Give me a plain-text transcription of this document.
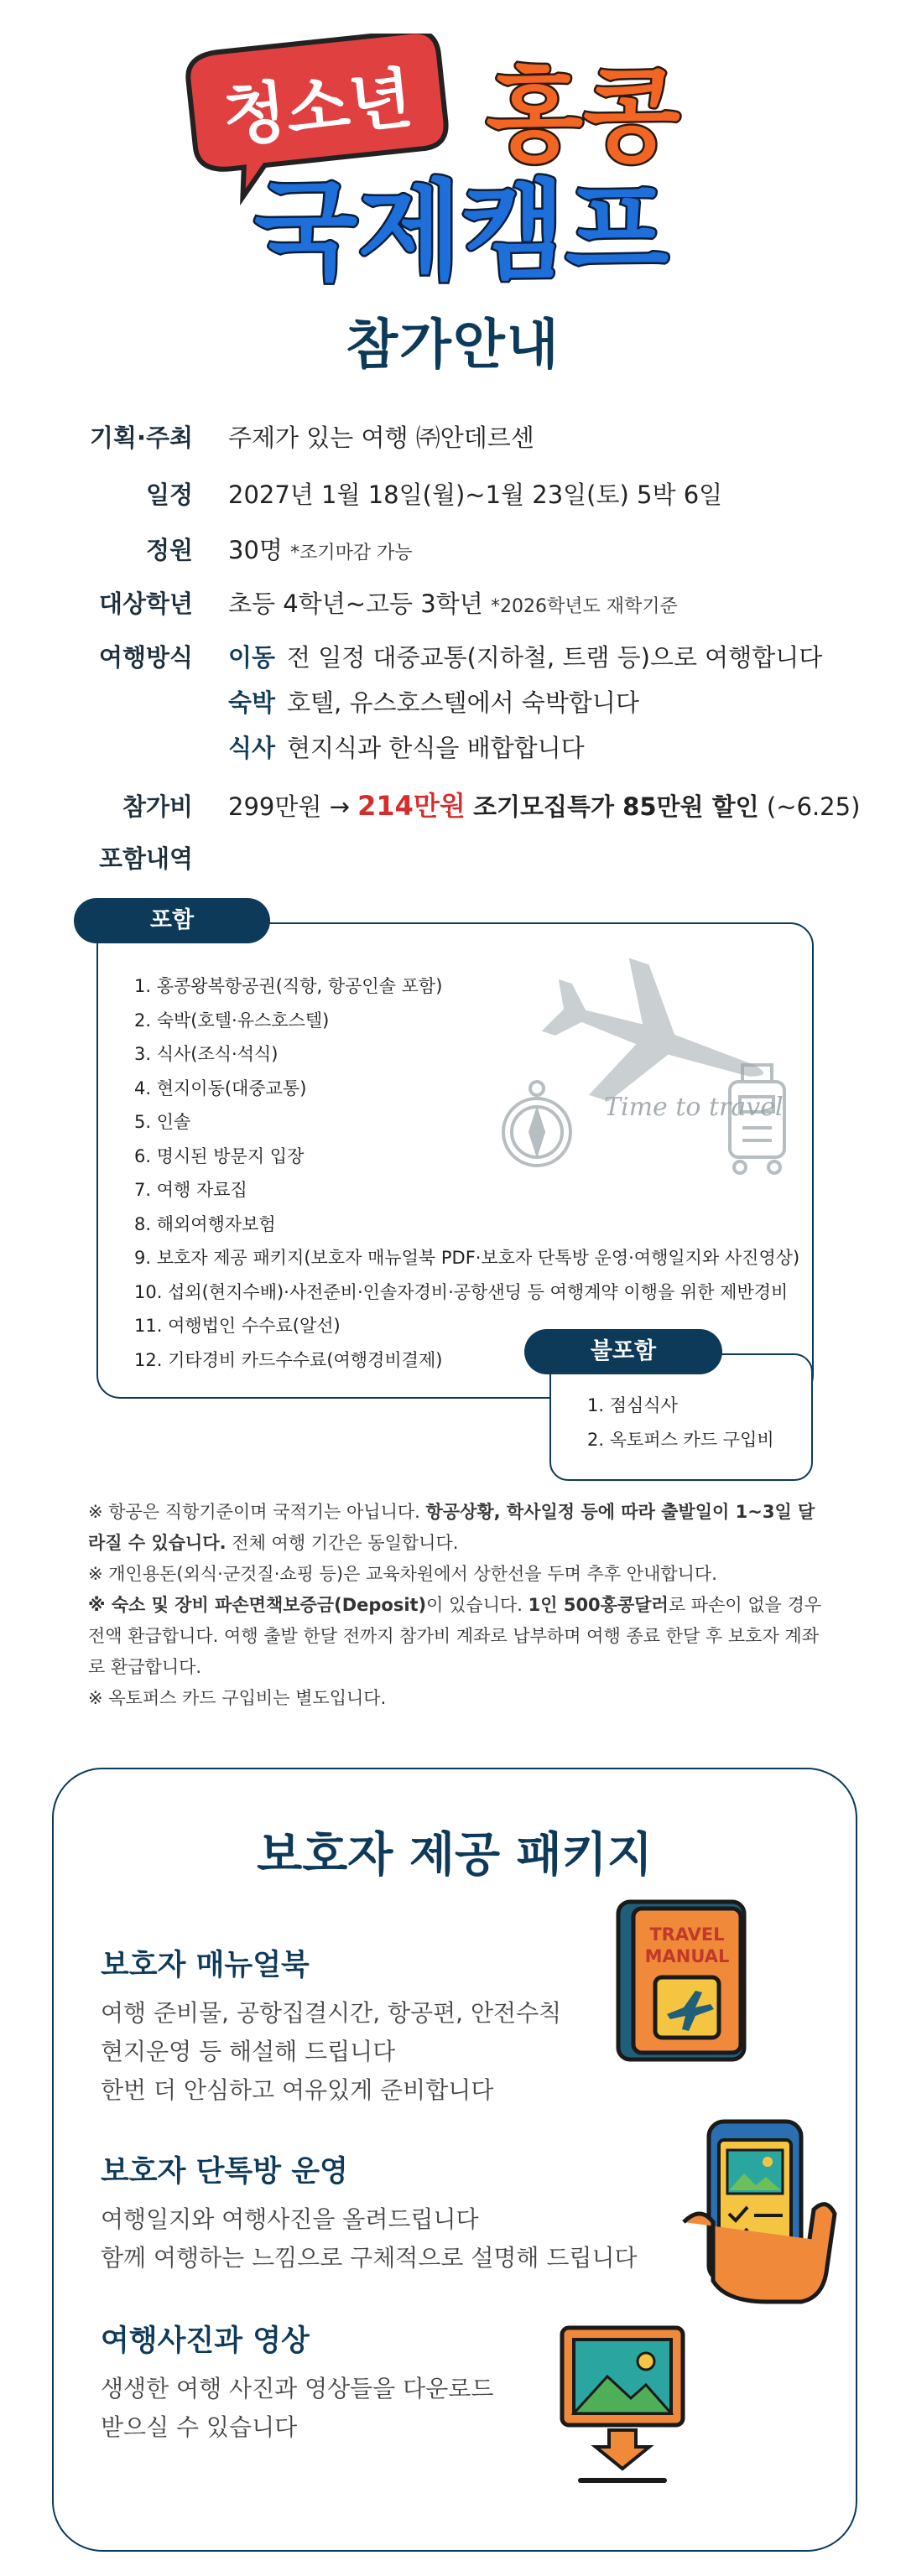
청소년 홍콩
국제캠프
참가안내
기획·주최 주제가 있는 여행 ㈜안데르센
일정 2027년 1월 18일(월)~1월 23일(토) 5박 6일
정원 30명 *조기마감 가능
대상학년 초등 4학년~고등 3학년 *2026학년도 재학기준
여행방식 이동 전 일정 대중교통(지하철, 트램 등)으로 여행합니다
숙박 호텔, 유스호스텔에서 숙박합니다
식사 현지식과 한식을 배합합니다
참가비 299만원 → 214만원 조기모집특가 85만원 할인 (~6.25)
포함내역
포함
Time to travel
1. 홍콩왕복항공권(직항, 항공인솔 포함)
2. 숙박(호텔·유스호스텔)
3. 식사(조식·석식)
4. 현지이동(대중교통)
5. 인솔
6. 명시된 방문지 입장
7. 여행 자료집
8. 해외여행자보험
9. 보호자 제공 패키지(보호자 매뉴얼북 PDF·보호자 단톡방 운영·여행일지와 사진영상)
10. 섭외(현지수배)·사전준비·인솔자경비·공항샌딩 등 여행계약 이행을 위한 제반경비
11. 여행법인 수수료(알선)
12. 기타경비 카드수수료(여행경비결제)	불포함
1. 점심식사
2. 옥토퍼스 카드 구입비

※ 항공은 직항기준이며 국적기는 아닙니다. 항공상황, 학사일정 등에 따라 출발일이 1~3일 달라질 수 있습니다. 전체 여행 기간은 동일합니다.

※ 개인용돈(외식·군것질·쇼핑 등)은 교육차원에서 상한선을 두며 추후 안내합니다.

※ 숙소 및 장비 파손면책보증금(Deposit)이 있습니다. 1인 500홍콩달러로 파손이 없을 경우 전액 환급합니다. 여행 출발 한달 전까지 참가비 계좌로 납부하며 여행 종료 한달 후 보호자 계좌로 환급합니다.

※ 옥토퍼스 카드 구입비는 별도입니다.

보호자 제공 패키지
보호자 매뉴얼북
여행 준비물, 공항집결시간, 항공편, 안전수칙
현지운영 등 해설해 드립니다
한번 더 안심하고 여유있게 준비합니다
보호자 단톡방 운영
여행일지와 여행사진을 올려드립니다
함께 여행하는 느낌으로 구체적으로 설명해 드립니다
여행사진과 영상
생생한 여행 사진과 영상들을 다운로드
받으실 수 있습니다
TRAVEL
MANUAL
